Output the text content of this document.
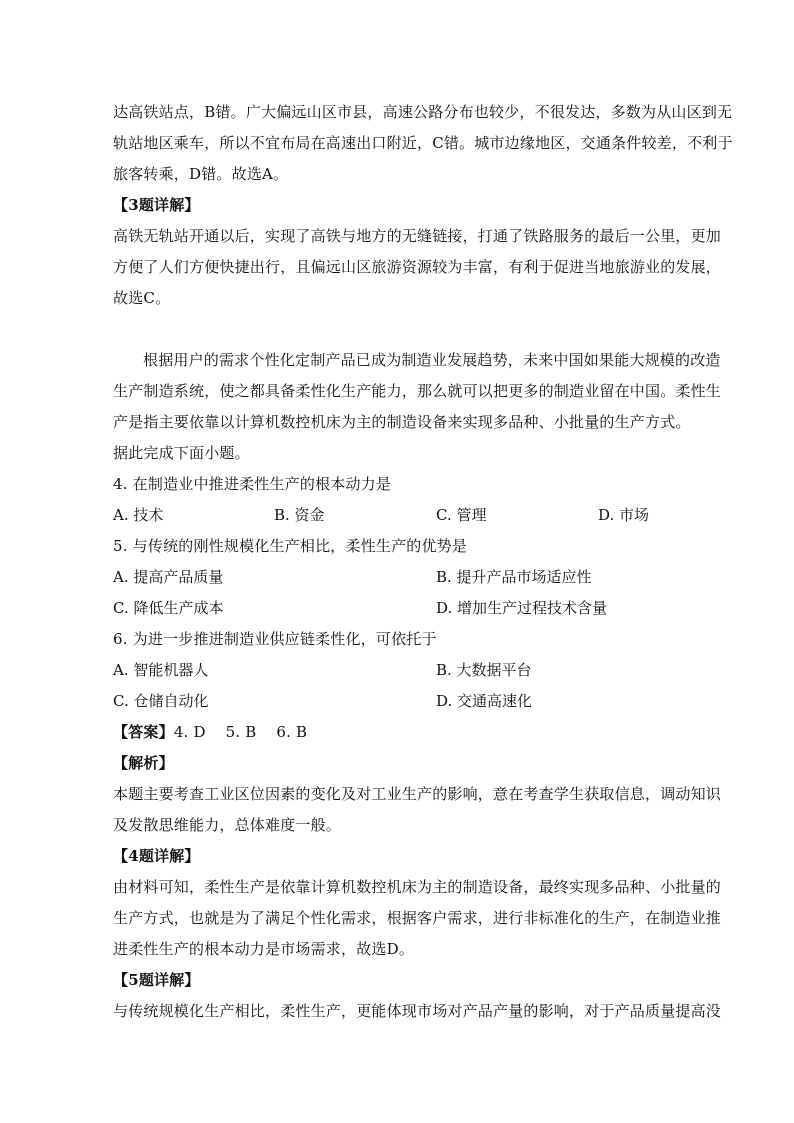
达高铁站点，B错。广大偏远山区市县，高速公路分布也较少，不很发达，多数为从山区到无
轨站地区乘车，所以不宜布局在高速出口附近，C错。城市边缘地区，交通条件较差，不利于
旅客转乘，D错。故选A。
【3题详解】
高铁无轨站开通以后，实现了高铁与地方的无缝链接，打通了铁路服务的最后一公里，更加
方便了人们方便快捷出行，且偏远山区旅游资源较为丰富，有利于促进当地旅游业的发展，
故选C。
根据用户的需求个性化定制产品已成为制造业发展趋势，未来中国如果能大规模的改造
生产制造系统，使之都具备柔性化生产能力，那么就可以把更多的制造业留在中国。柔性生
产是指主要依靠以计算机数控机床为主的制造设备来实现多品种、小批量的生产方式。
据此完成下面小题。
4. 在制造业中推进柔性生产的根本动力是
A. 技术	B. 资金	C. 管理	D. 市场
5. 与传统的刚性规模化生产相比，柔性生产的优势是
A. 提高产品质量	B. 提升产品市场适应性
C. 降低生产成本	D. 增加生产过程技术含量
6. 为进一步推进制造业供应链柔性化，可依托于
A. 智能机器人	B. 大数据平台
C. 仓储自动化	D. 交通高速化
【答案】4. D    5. B    6. B
【解析】
本题主要考查工业区位因素的变化及对工业生产的影响，意在考查学生获取信息，调动知识
及发散思维能力，总体难度一般。
【4题详解】
由材料可知，柔性生产是依靠计算机数控机床为主的制造设备，最终实现多品种、小批量的
生产方式，也就是为了满足个性化需求，根据客户需求，进行非标准化的生产，在制造业推
进柔性生产的根本动力是市场需求，故选D。
【5题详解】
与传统规模化生产相比，柔性生产，更能体现市场对产品产量的影响，对于产品质量提高没
